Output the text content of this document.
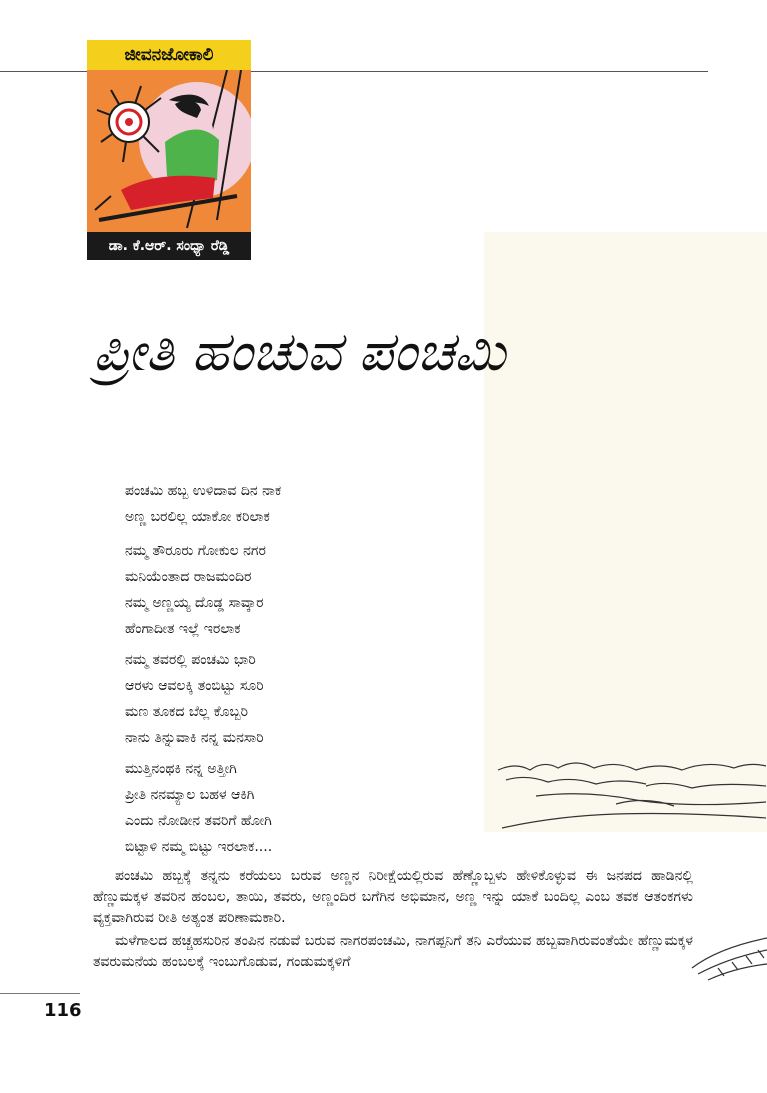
ಜೀವನಜೋಕಾಲಿ
ಡಾ. ಕೆ.ಆರ್. ಸಂಧ್ಯಾ ರೆಡ್ಡಿ
ಪ್ರೀತಿ ಹಂಚುವ ಪಂಚಮಿ
ಪಂಚಮಿ ಹಬ್ಬ ಉಳಿದಾವ ದಿನ ನಾಕ
ಅಣ್ಣ ಬರಲಿಲ್ಲ ಯಾಕೋ ಕರಿಲಾಕ
ನಮ್ಮ ತೌರೂರು ಗೋಕುಲ ನಗರ
ಮನಿಯೆಂತಾದ ರಾಜಮಂದಿರ
ನಮ್ಮ ಅಣ್ಣಯ್ಯ ದೊಡ್ಡ ಸಾವ್ಕಾರ
ಹೆಂಗಾದೀತ ಇಲ್ಲೆ ಇರಲಾಕ
ನಮ್ಮ ತವರಲ್ಲಿ ಪಂಚಮಿ ಭಾರಿ
ಆರಳು ಆವಲಕ್ಕಿ ತಂಬಿಟ್ಟು ಸೂರಿ
ಮಣ ತೂಕದ ಬೆಲ್ಲ ಕೊಬ್ಬರಿ
ನಾನು ತಿನ್ನುವಾಕಿ ನನ್ನ ಮನಸಾರಿ
ಮುತ್ತಿನಂಥಕಿ ನನ್ನ ಅತ್ತೀಗಿ
ಪ್ರೀತಿ ನನಮ್ಯಾಲ ಬಹಳ ಆಕಿಗಿ
ಎಂದು ನೋಡೀನ ತವರಿಗೆ ಹೋಗಿ
ಬಿಟ್ಟಾಳಿ ನಮ್ಮ ಬಿಟ್ಟು ಇರಲಾಕ....

ಪಂಚಮಿ ಹಬ್ಬಕ್ಕೆ ತನ್ನನು ಕರೆಯಲು ಬರುವ ಅಣ್ಣನ ನಿರೀಕ್ಷೆಯಲ್ಲಿರುವ ಹೆಣ್ಣೊಬ್ಬಳು ಹೇಳಿಕೊಳ್ಳುವ ಈ ಜನಪದ ಹಾಡಿನಲ್ಲಿ ಹೆಣ್ಣುಮಕ್ಕಳ ತವರಿನ ಹಂಬಲ, ತಾಯಿ, ತವರು, ಅಣ್ಣಂದಿರ ಬಗೆಗಿನ ಅಭಿಮಾನ, ಅಣ್ಣ ಇನ್ನು ಯಾಕೆ ಬಂದಿಲ್ಲ ಎಂಬ ತವಕ ಆತಂಕಗಳು ವ್ಯಕ್ತವಾಗಿರುವ ರೀತಿ ಅತ್ಯಂತ ಪರಿಣಾಮಕಾರಿ.

ಮಳೆಗಾಲದ ಹಚ್ಚಹಸುರಿನ ತಂಪಿನ ನಡುವೆ ಬರುವ ನಾಗರಪಂಚಮಿ, ನಾಗಪ್ಪನಿಗೆ ತನಿ ಎರೆಯುವ ಹಬ್ಬವಾಗಿರುವಂತೆಯೇ ಹೆಣ್ಣುಮಕ್ಕಳ ತವರುಮನೆಯ ಹಂಬಲಕ್ಕೆ ಇಂಬುಗೊಡುವ, ಗಂಡುಮಕ್ಕಳಿಗೆ

116
